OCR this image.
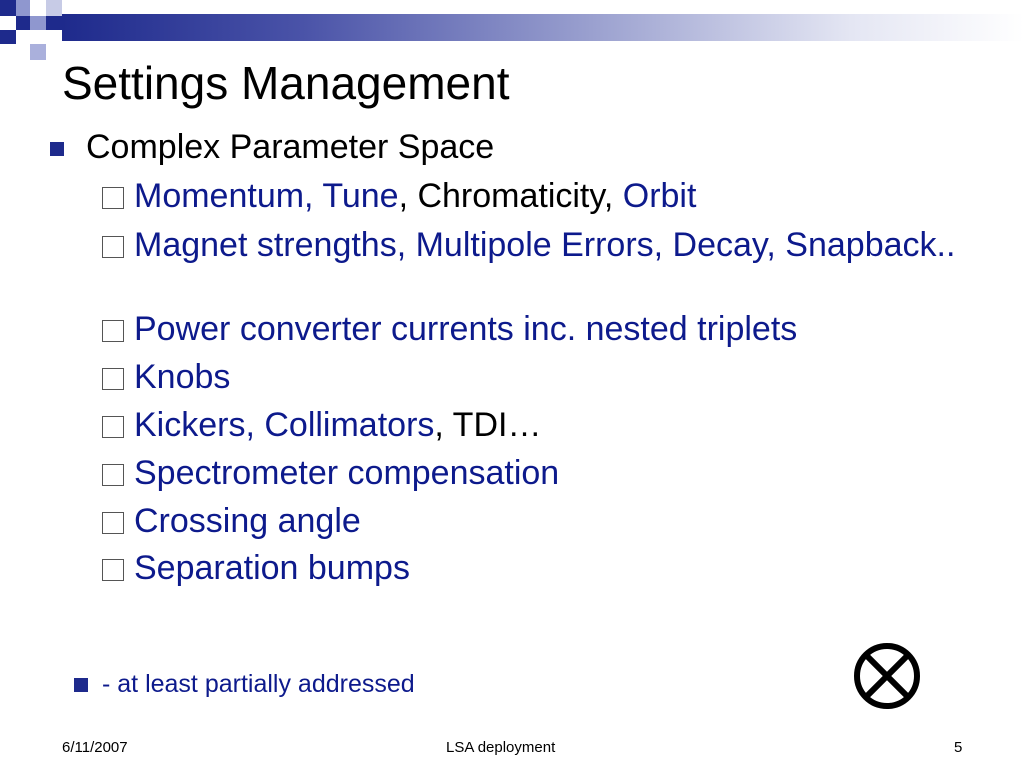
Settings Management
Complex Parameter Space
Momentum, Tune, Chromaticity, Orbit
Magnet strengths, Multipole Errors, Decay, Snapback..
Power converter currents inc. nested triplets
Knobs
Kickers, Collimators, TDI…
Spectrometer compensation
Crossing angle
Separation bumps
- at least partially addressed
6/11/2007	LSA deployment	5
